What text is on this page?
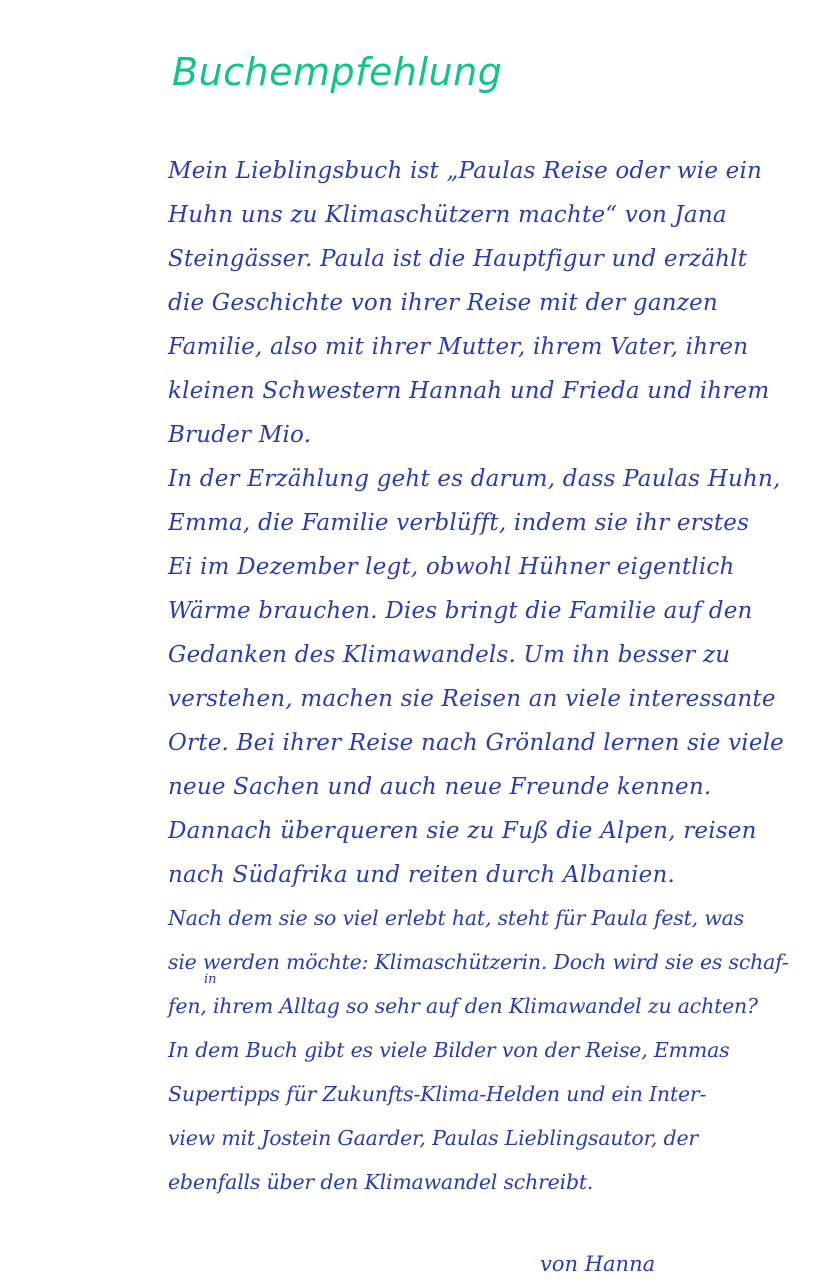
Buchempfehlung
Mein Lieblingsbuch ist „Paulas Reise oder wie ein
Huhn uns zu Klimaschützern machte“ von Jana
Steingässer. Paula ist die Hauptfigur und erzählt
die Geschichte von ihrer Reise mit der ganzen
Familie, also mit ihrer Mutter, ihrem Vater, ihren
kleinen Schwestern Hannah und Frieda und ihrem
Bruder Mio.
In der Erzählung geht es darum, dass Paulas Huhn,
Emma, die Familie verblüfft, indem sie ihr erstes
Ei im Dezember legt, obwohl Hühner eigentlich
Wärme brauchen. Dies bringt die Familie auf den
Gedanken des Klimawandels. Um ihn besser zu
verstehen, machen sie Reisen an viele interessante
Orte. Bei ihrer Reise nach Grönland lernen sie viele
neue Sachen und auch neue Freunde kennen.
Dannach überqueren sie zu Fuß die Alpen, reisen
nach Südafrika und reiten durch Albanien.
Nach dem sie so viel erlebt hat, steht für Paula fest, was
sie werden möchte: Klimaschützerin. Doch wird sie es schaf-
fen, ihrem Alltag so sehr auf den Klimawandel zu achten?
In dem Buch gibt es viele Bilder von der Reise, Emmas
Supertipps für Zukunfts-Klima-Helden und ein Inter-
view mit Jostein Gaarder, Paulas Lieblingsautor, der
ebenfalls über den Klimawandel schreibt.
in
von Hanna
